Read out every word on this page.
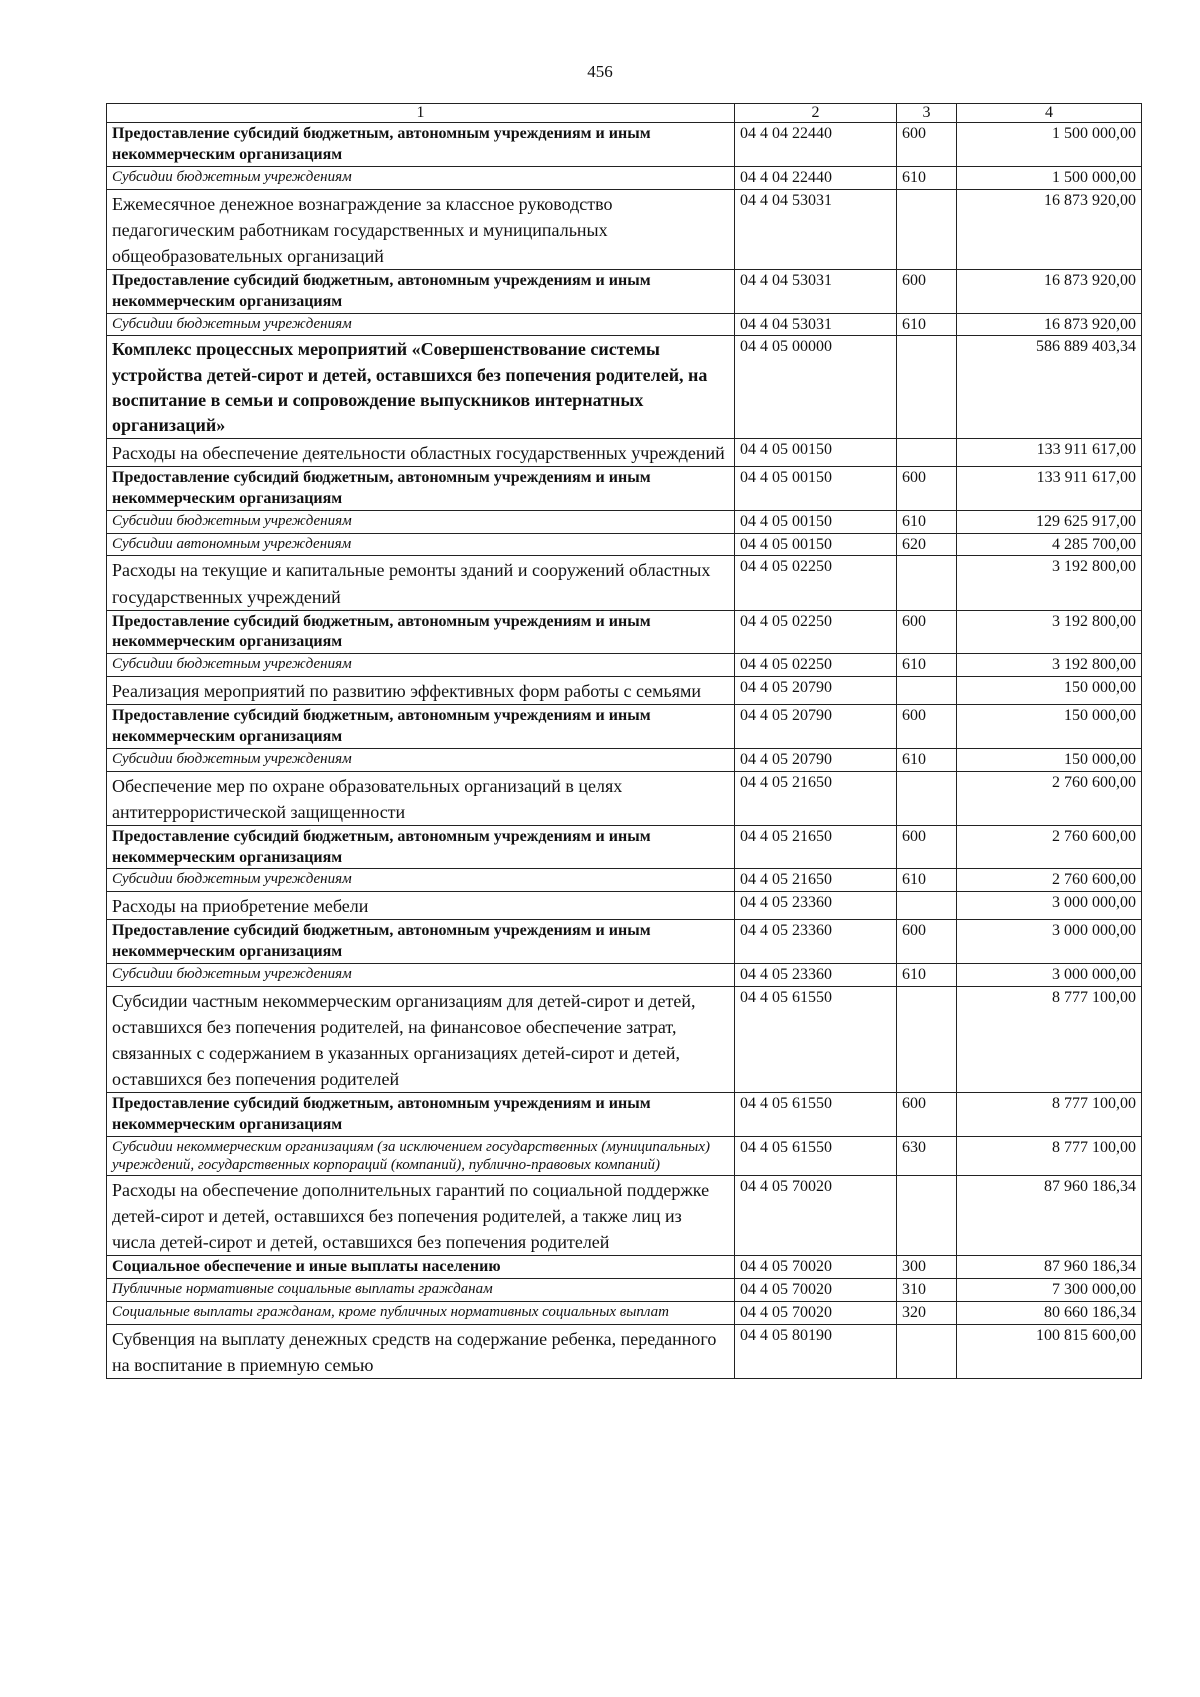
456
1	2	3	4
Предоставление субсидий бюджетным, автономным учреждениям и иным некоммерческим организациям	04 4 04 22440	600	1 500 000,00
Субсидии бюджетным учреждениям	04 4 04 22440	610	1 500 000,00
Ежемесячное денежное вознаграждение за классное руководство педагогическим работникам государственных и муниципальных общеобразовательных организаций	04 4 04 53031		16 873 920,00
Предоставление субсидий бюджетным, автономным учреждениям и иным некоммерческим организациям	04 4 04 53031	600	16 873 920,00
Субсидии бюджетным учреждениям	04 4 04 53031	610	16 873 920,00
Комплекс процессных мероприятий «Совершенствование системы устройства детей-сирот и детей, оставшихся без попечения родителей, на воспитание в семьи и сопровождение выпускников интернатных организаций»	04 4 05 00000		586 889 403,34
Расходы на обеспечение деятельности областных государственных учреждений	04 4 05 00150		133 911 617,00
Предоставление субсидий бюджетным, автономным учреждениям и иным некоммерческим организациям	04 4 05 00150	600	133 911 617,00
Субсидии бюджетным учреждениям	04 4 05 00150	610	129 625 917,00
Субсидии автономным учреждениям	04 4 05 00150	620	4 285 700,00
Расходы на текущие и капитальные ремонты зданий и сооружений областных государственных учреждений	04 4 05 02250		3 192 800,00
Предоставление субсидий бюджетным, автономным учреждениям и иным некоммерческим организациям	04 4 05 02250	600	3 192 800,00
Субсидии бюджетным учреждениям	04 4 05 02250	610	3 192 800,00
Реализация мероприятий по развитию эффективных форм работы с семьями	04 4 05 20790		150 000,00
Предоставление субсидий бюджетным, автономным учреждениям и иным некоммерческим организациям	04 4 05 20790	600	150 000,00
Субсидии бюджетным учреждениям	04 4 05 20790	610	150 000,00
Обеспечение мер по охране образовательных организаций в целях антитеррористической защищенности	04 4 05 21650		2 760 600,00
Предоставление субсидий бюджетным, автономным учреждениям и иным некоммерческим организациям	04 4 05 21650	600	2 760 600,00
Субсидии бюджетным учреждениям	04 4 05 21650	610	2 760 600,00
Расходы на приобретение мебели	04 4 05 23360		3 000 000,00
Предоставление субсидий бюджетным, автономным учреждениям и иным некоммерческим организациям	04 4 05 23360	600	3 000 000,00
Субсидии бюджетным учреждениям	04 4 05 23360	610	3 000 000,00
Субсидии частным некоммерческим организациям для детей-сирот и детей, оставшихся без попечения родителей, на финансовое обеспечение затрат, связанных с содержанием в указанных организациях детей-сирот и детей, оставшихся без попечения родителей	04 4 05 61550		8 777 100,00
Предоставление субсидий бюджетным, автономным учреждениям и иным некоммерческим организациям	04 4 05 61550	600	8 777 100,00
Субсидии некоммерческим организациям (за исключением государственных (муниципальных) учреждений, государственных корпораций (компаний), публично-правовых компаний)	04 4 05 61550	630	8 777 100,00
Расходы на обеспечение дополнительных гарантий по социальной поддержке детей-сирот и детей, оставшихся без попечения родителей, а также лиц из числа детей-сирот и детей, оставшихся без попечения родителей	04 4 05 70020		87 960 186,34
Социальное обеспечение и иные выплаты населению	04 4 05 70020	300	87 960 186,34
Публичные нормативные социальные выплаты гражданам	04 4 05 70020	310	7 300 000,00
Социальные выплаты гражданам, кроме публичных нормативных социальных выплат	04 4 05 70020	320	80 660 186,34
Субвенция на выплату денежных средств на содержание ребенка, переданного на воспитание в приемную семью	04 4 05 80190		100 815 600,00
